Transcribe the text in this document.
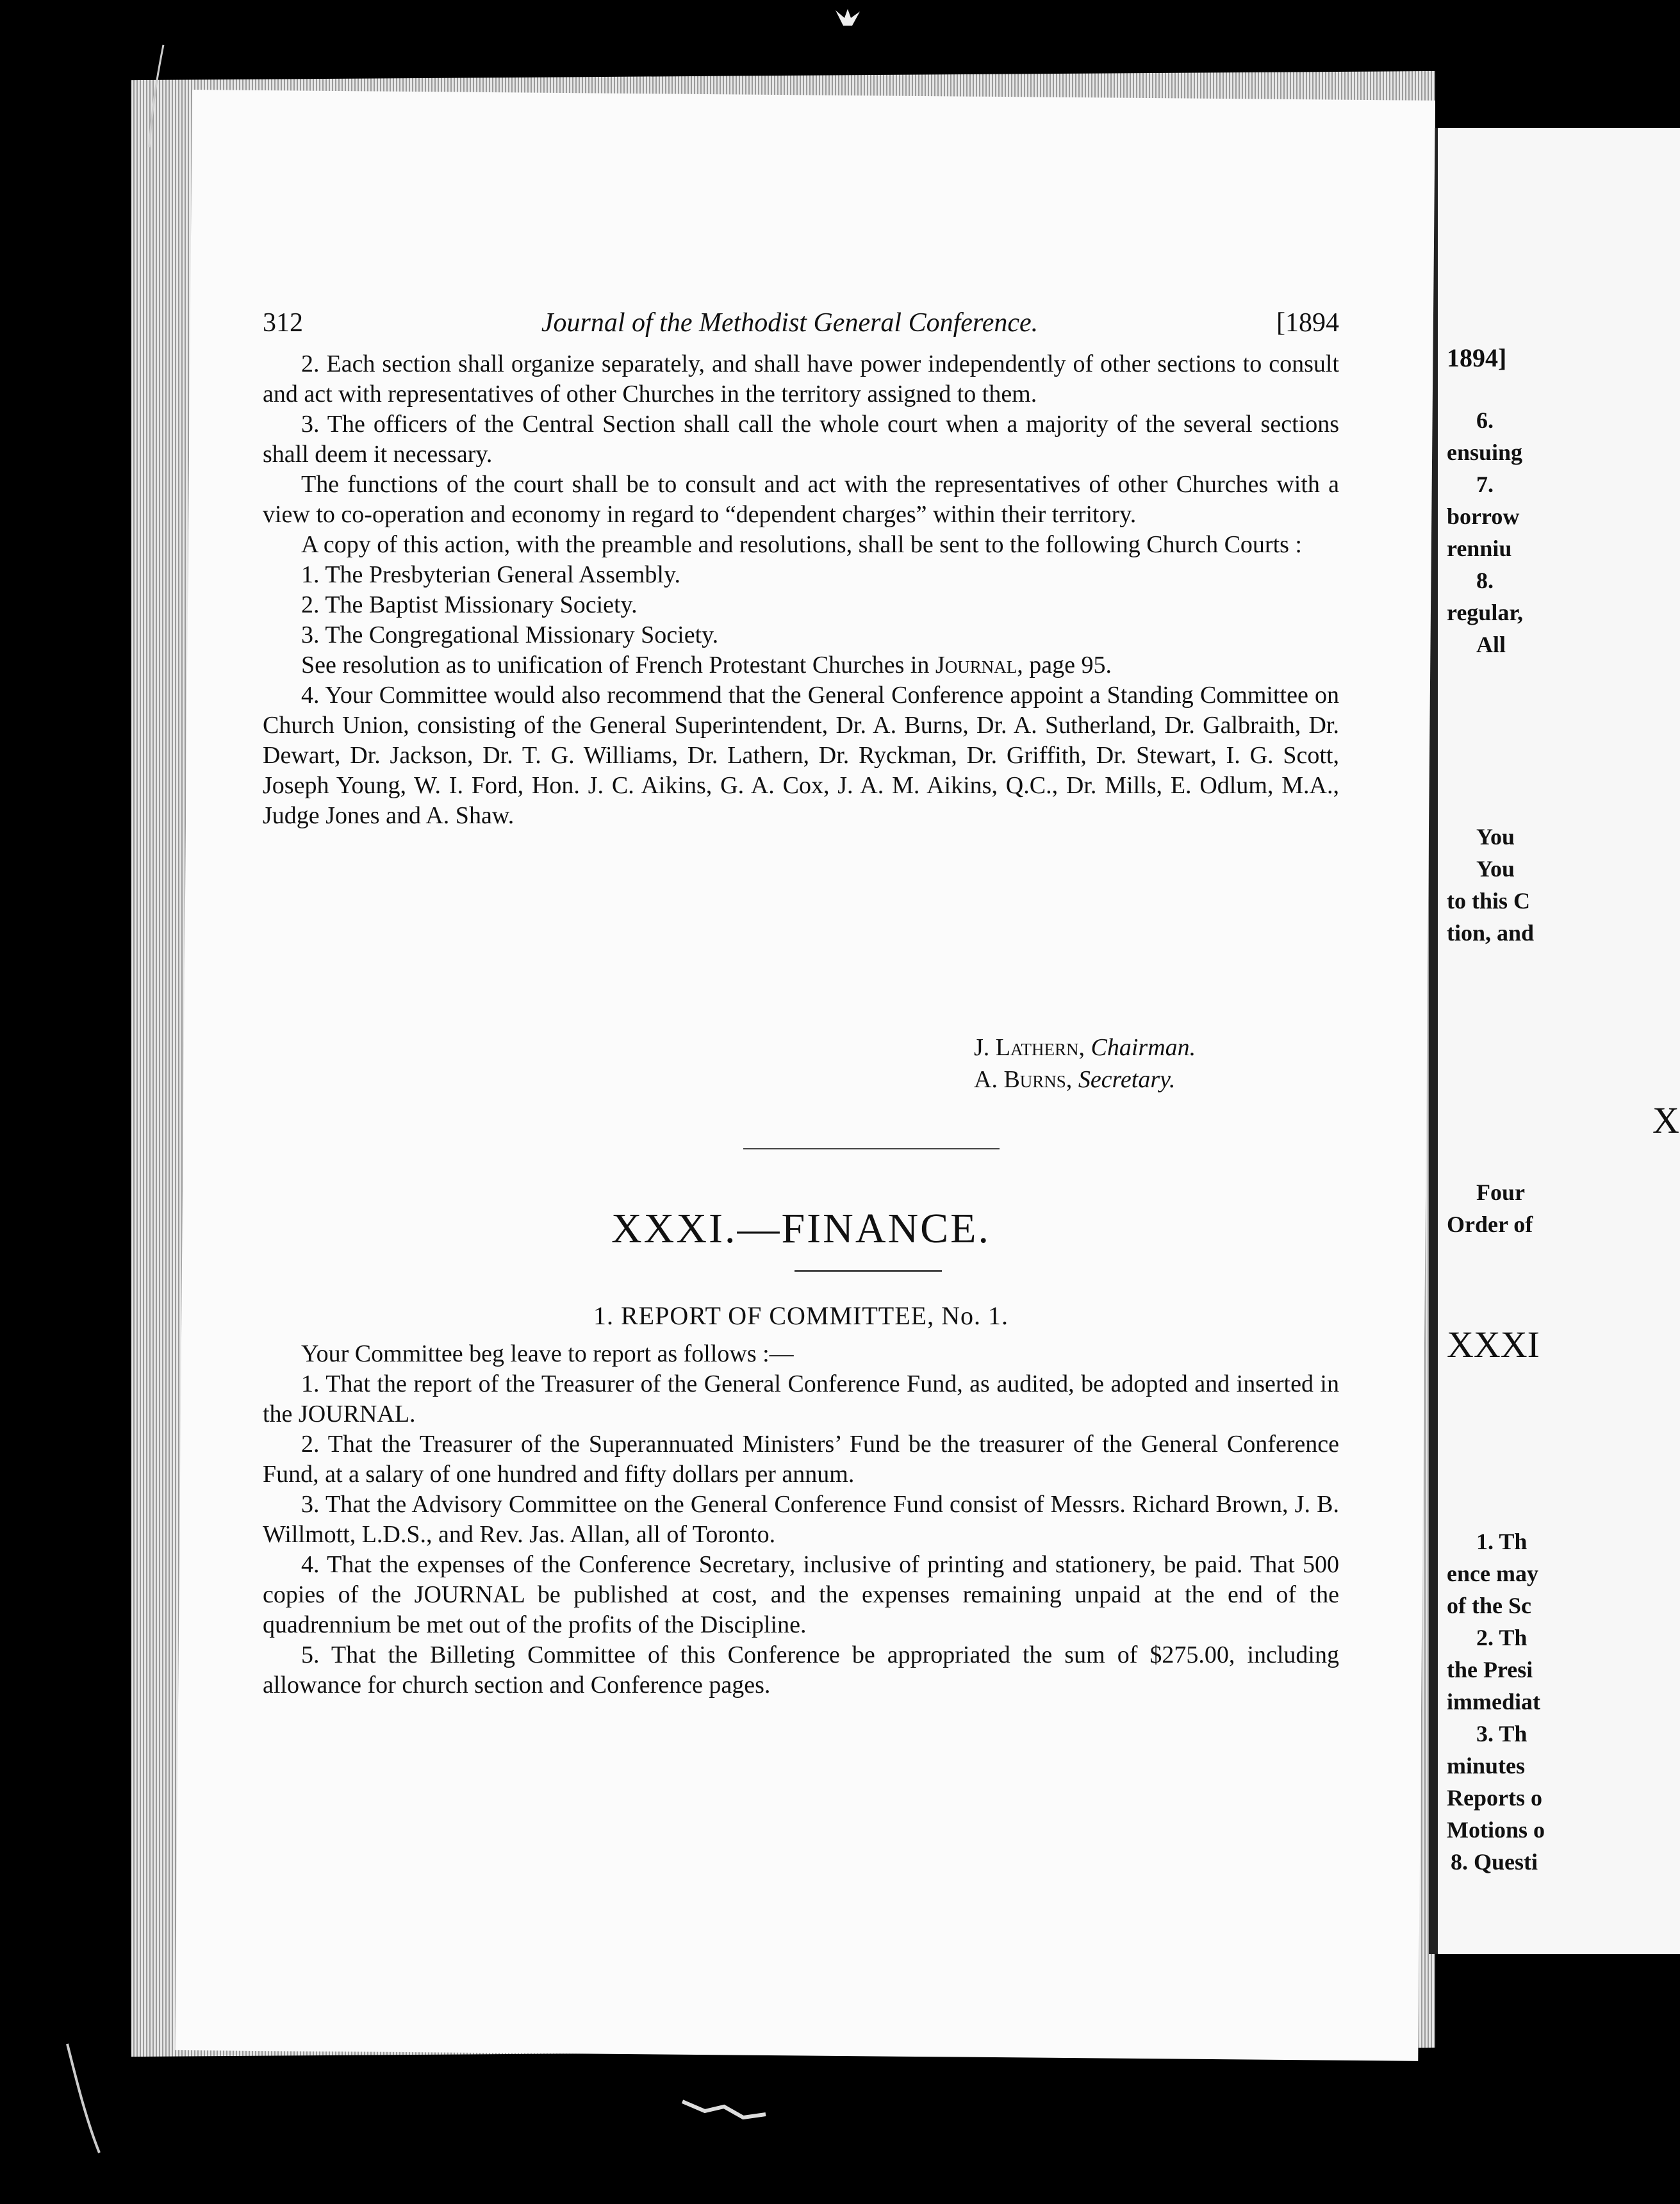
1894]
6.
ensuing
7.
borrow
renniu
8.
regular,
All
You
You
to this C
tion, and
X
Four
Order of
XXXI
1. Th
ence may
of the Sc
2. Th
the Presi
immediat
3. Th
minutes
Reports o
Motions o
8. Questi
312	Journal of the Methodist General Conference.	[1894

2. Each section shall organize separately, and shall have power independently of other sections to consult and act with representatives of other Churches in the territory assigned to them.

3. The officers of the Central Section shall call the whole court when a majority of the several sections shall deem it necessary.

The functions of the court shall be to consult and act with the representatives of other Churches with a view to co-operation and economy in regard to “dependent charges” within their territory.

A copy of this action, with the preamble and resolutions, shall be sent to the following Church Courts :

1. The Presbyterian General Assembly.

2. The Baptist Missionary Society.

3. The Congregational Missionary Society.

See resolution as to unification of French Protestant Churches in Journal, page 95.

4. Your Committee would also recommend that the General Conference appoint a Standing Committee on Church Union, consisting of the General Superintendent, Dr. A. Burns, Dr. A. Sutherland, Dr. Galbraith, Dr. Dewart, Dr. Jackson, Dr. T. G. Williams, Dr. Lathern, Dr. Ryckman, Dr. Griffith, Dr. Stewart, I. G. Scott, Joseph Young, W. I. Ford, Hon. J. C. Aikins, G. A. Cox, J. A. M. Aikins, Q.C., Dr. Mills, E. Odlum, M.A., Judge Jones and A. Shaw.

J. Lathern, Chairman.
A. Burns, Secretary.
XXXI.—FINANCE.
1. REPORT OF COMMITTEE, No. 1.

Your Committee beg leave to report as follows :—

1. That the report of the Treasurer of the General Conference Fund, as audited, be adopted and inserted in the JOURNAL.

2. That the Treasurer of the Superannuated Ministers’ Fund be the treasurer of the General Conference Fund, at a salary of one hundred and fifty dollars per annum.

3. That the Advisory Committee on the General Conference Fund consist of Messrs. Richard Brown, J. B. Willmott, L.D.S., and Rev. Jas. Allan, all of Toronto.

4. That the expenses of the Conference Secretary, inclusive of printing and stationery, be paid. That 500 copies of the JOURNAL be published at cost, and the expenses remaining unpaid at the end of the quadrennium be met out of the profits of the Discipline.

5. That the Billeting Committee of this Conference be appropriated the sum of $275.00, including allowance for church section and Conference pages.
